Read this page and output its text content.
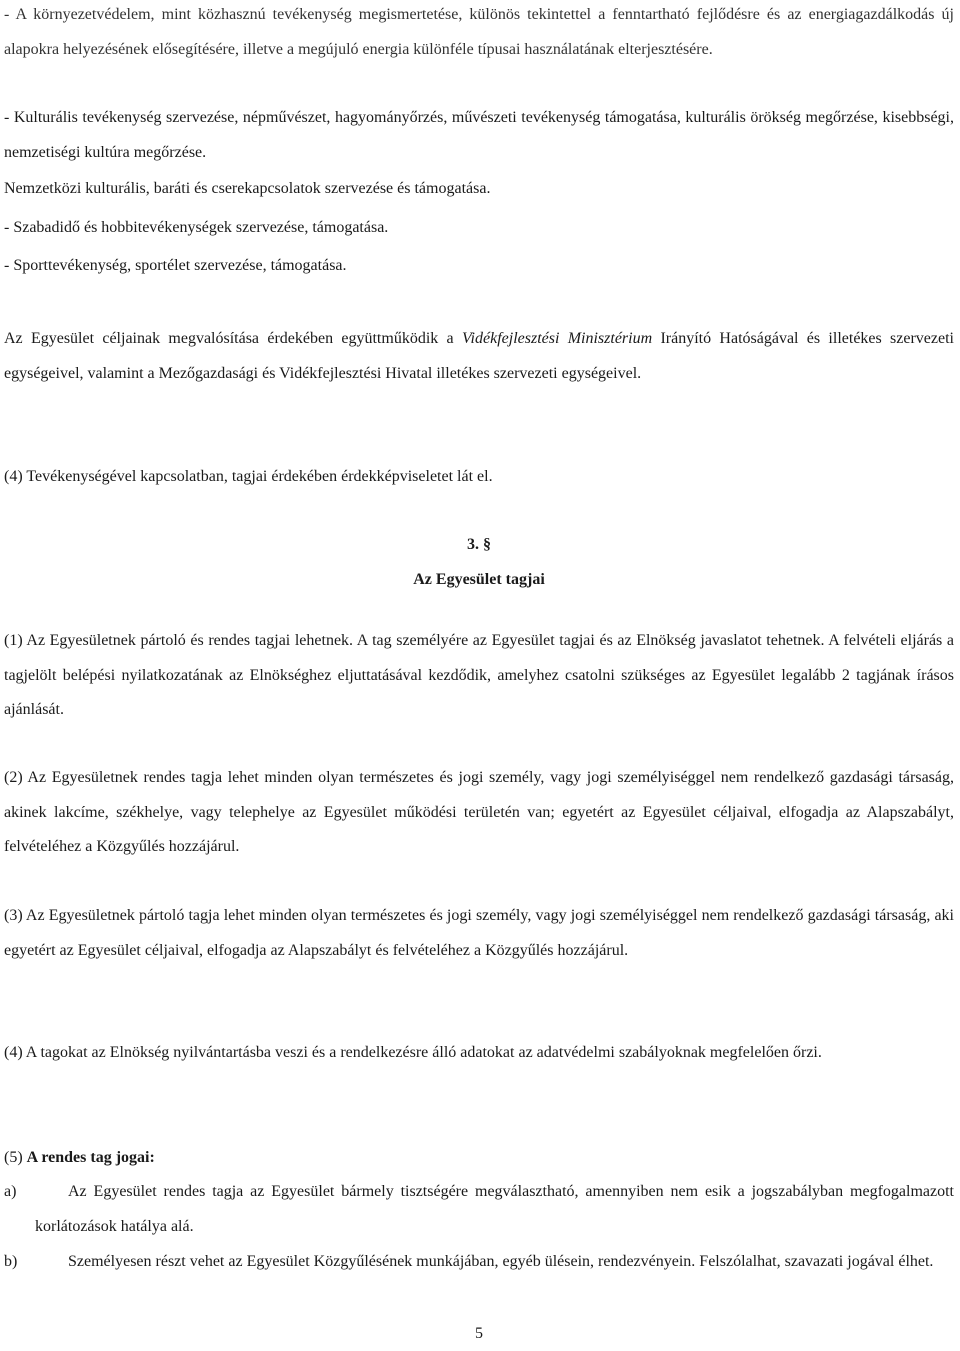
- A környezetvédelem, mint közhasznú tevékenység megismertetése, különös tekintettel a fenntartható fejlődésre és az energiagazdálkodás új alapokra helyezésének elősegítésére, illetve a megújuló energia különféle típusai használatának elterjesztésére.

- Kulturális tevékenység szervezése, népművészet, hagyományőrzés, művészeti tevékenység támogatása, kulturális örökség megőrzése, kisebbségi, nemzetiségi kultúra megőrzése.

Nemzetközi kulturális, baráti és cserekapcsolatok szervezése és támogatása.

- Szabadidő és hobbitevékenységek szervezése, támogatása.

- Sporttevékenység, sportélet szervezése, támogatása.

Az Egyesület céljainak megvalósítása érdekében együttműködik a Vidékfejlesztési Minisztérium Irányító Hatóságával és illetékes szervezeti egységeivel, valamint a Mezőgazdasági és Vidékfejlesztési Hivatal illetékes szervezeti egységeivel.

(4) Tevékenységével kapcsolatban, tagjai érdekében érdekképviseletet lát el.

3. §

Az Egyesület tagjai

(1) Az Egyesületnek pártoló és rendes tagjai lehetnek. A tag személyére az Egyesület tagjai és az Elnökség javaslatot tehetnek. A felvételi eljárás a tagjelölt belépési nyilatkozatának az Elnökséghez eljuttatásával kezdődik, amelyhez csatolni szükséges az Egyesület legalább 2 tagjának írásos ajánlását.

(2) Az Egyesületnek rendes tagja lehet minden olyan természetes és jogi személy, vagy jogi személyiséggel nem rendelkező gazdasági társaság, akinek lakcíme, székhelye, vagy telephelye az Egyesület működési területén van; egyetért az Egyesület céljaival, elfogadja az Alapszabályt, felvételéhez a Közgyűlés hozzájárul.

(3) Az Egyesületnek pártoló tagja lehet minden olyan természetes és jogi személy, vagy jogi személyiséggel nem rendelkező gazdasági társaság, aki egyetért az Egyesület céljaival, elfogadja az Alapszabályt és felvételéhez a Közgyűlés hozzájárul.

(4) A tagokat az Elnökség nyilvántartásba veszi és a rendelkezésre álló adatokat az adatvédelmi szabályoknak megfelelően őrzi.

(5) A rendes tag jogai:

a)	Az Egyesület rendes tagja az Egyesület bármely tisztségére megválasztható, amennyiben nem esik a jogszabályban megfogalmazott korlátozások hatálya alá.
b)	Személyesen részt vehet az Egyesület Közgyűlésének munkájában, egyéb ülésein, rendezvényein. Felszólalhat, szavazati jogával élhet.

5
